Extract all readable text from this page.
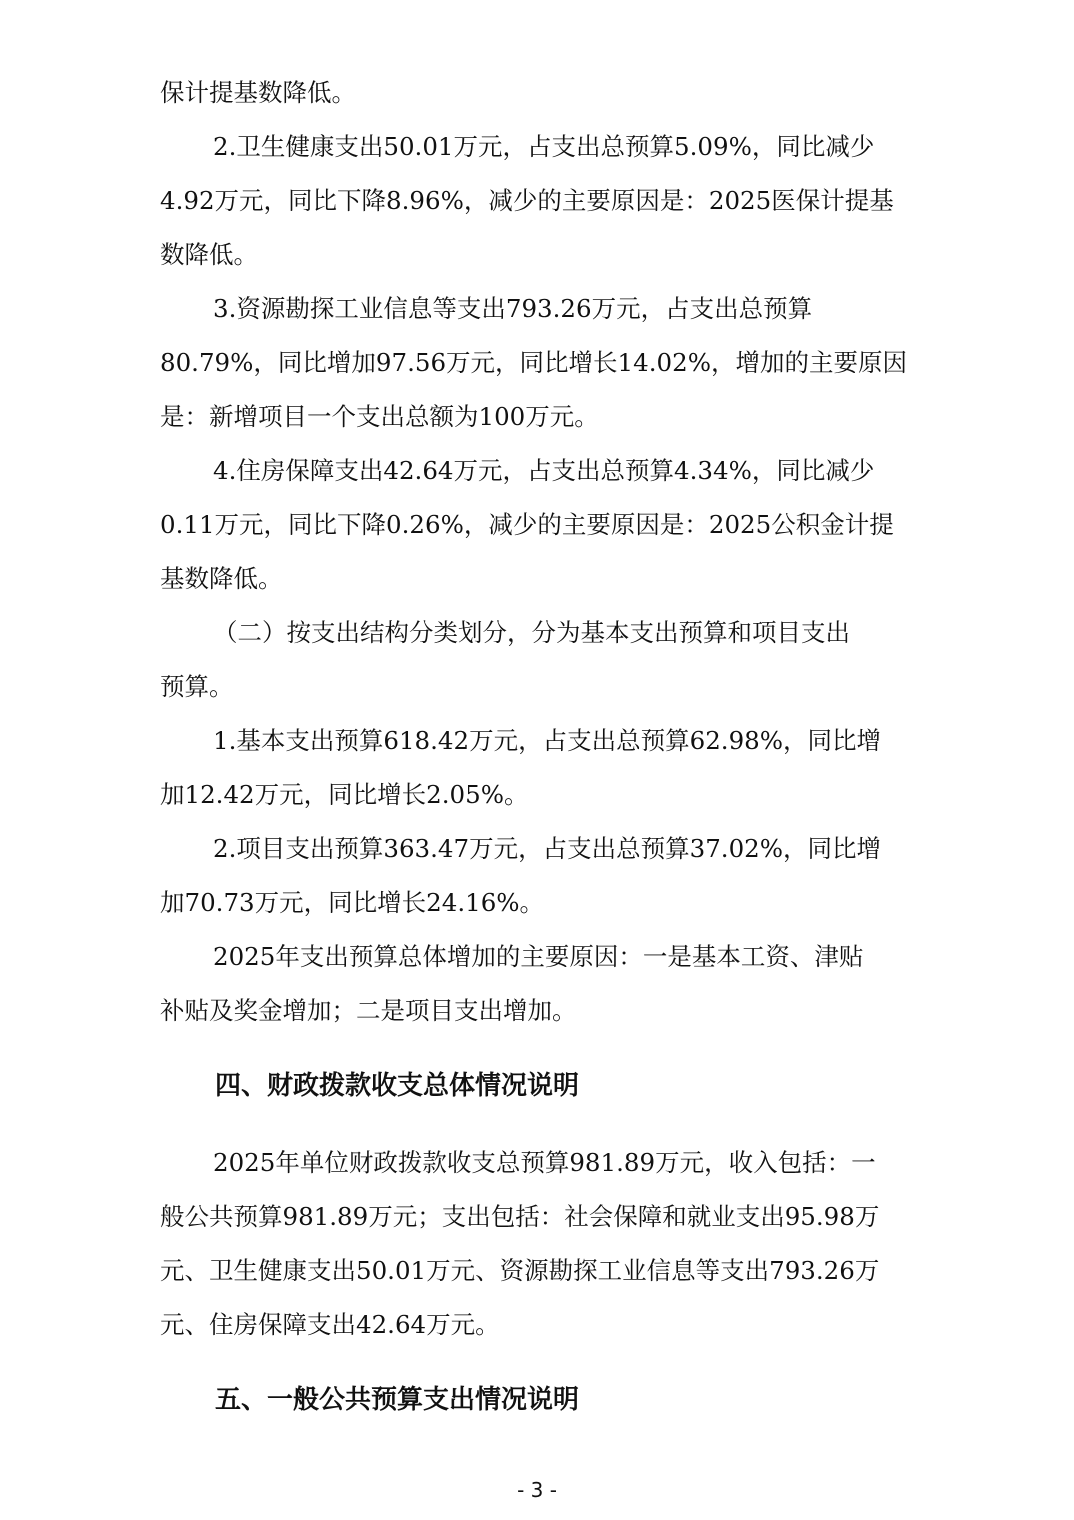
保计提基数降低。
2.卫生健康支出50.01万元，占支出总预算5.09%，同比减少
4.92万元，同比下降8.96%，减少的主要原因是：2025医保计提基
数降低。
3.资源勘探工业信息等支出793.26万元，占支出总预算
80.79%，同比增加97.56万元，同比增长14.02%，增加的主要原因
是：新增项目一个支出总额为100万元。
4.住房保障支出42.64万元，占支出总预算4.34%，同比减少
0.11万元，同比下降0.26%，减少的主要原因是：2025公积金计提
基数降低。
（二）按支出结构分类划分，分为基本支出预算和项目支出
预算。
1.基本支出预算618.42万元，占支出总预算62.98%，同比增
加12.42万元，同比增长2.05%。
2.项目支出预算363.47万元，占支出总预算37.02%，同比增
加70.73万元，同比增长24.16%。
2025年支出预算总体增加的主要原因：一是基本工资、津贴
补贴及奖金增加；二是项目支出增加。
四、财政拨款收支总体情况说明
2025年单位财政拨款收支总预算981.89万元，收入包括：一
般公共预算981.89万元；支出包括：社会保障和就业支出95.98万
元、卫生健康支出50.01万元、资源勘探工业信息等支出793.26万
元、住房保障支出42.64万元。
五、一般公共预算支出情况说明
- 3 -
